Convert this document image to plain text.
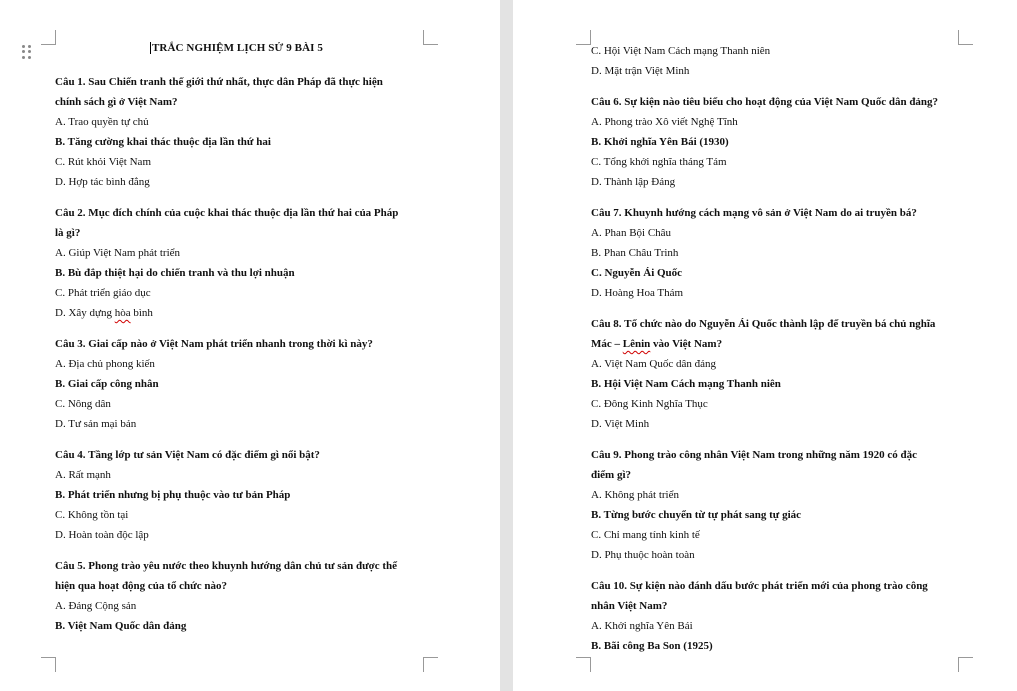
TRẮC NGHIỆM LỊCH SỬ 9 BÀI 5
Câu 1. Sau Chiến tranh thế giới thứ nhất, thực dân Pháp đã thực hiện
chính sách gì ở Việt Nam?
A. Trao quyền tự chủ
B. Tăng cường khai thác thuộc địa lần thứ hai
C. Rút khỏi Việt Nam
D. Hợp tác bình đẳng
Câu 2. Mục đích chính của cuộc khai thác thuộc địa lần thứ hai của Pháp
là gì?
A. Giúp Việt Nam phát triển
B. Bù đắp thiệt hại do chiến tranh và thu lợi nhuận
C. Phát triển giáo dục
D. Xây dựng hòa bình
Câu 3. Giai cấp nào ở Việt Nam phát triển nhanh trong thời kì này?
A. Địa chủ phong kiến
B. Giai cấp công nhân
C. Nông dân
D. Tư sản mại bản
Câu 4. Tầng lớp tư sản Việt Nam có đặc điểm gì nổi bật?
A. Rất mạnh
B. Phát triển nhưng bị phụ thuộc vào tư bản Pháp
C. Không tồn tại
D. Hoàn toàn độc lập
Câu 5. Phong trào yêu nước theo khuynh hướng dân chủ tư sản được thể
hiện qua hoạt động của tổ chức nào?
A. Đảng Cộng sản
B. Việt Nam Quốc dân đảng
C. Hội Việt Nam Cách mạng Thanh niên
D. Mặt trận Việt Minh
Câu 6. Sự kiện nào tiêu biểu cho hoạt động của Việt Nam Quốc dân đảng?
A. Phong trào Xô viết Nghệ Tĩnh
B. Khởi nghĩa Yên Bái (1930)
C. Tổng khởi nghĩa tháng Tám
D. Thành lập Đảng
Câu 7. Khuynh hướng cách mạng vô sản ở Việt Nam do ai truyền bá?
A. Phan Bội Châu
B. Phan Châu Trinh
C. Nguyễn Ái Quốc
D. Hoàng Hoa Thám
Câu 8. Tổ chức nào do Nguyễn Ái Quốc thành lập để truyền bá chủ nghĩa
Mác – Lênin vào Việt Nam?
A. Việt Nam Quốc dân đảng
B. Hội Việt Nam Cách mạng Thanh niên
C. Đông Kinh Nghĩa Thục
D. Việt Minh
Câu 9. Phong trào công nhân Việt Nam trong những năm 1920 có đặc
điểm gì?
A. Không phát triển
B. Từng bước chuyển từ tự phát sang tự giác
C. Chỉ mang tính kinh tế
D. Phụ thuộc hoàn toàn
Câu 10. Sự kiện nào đánh dấu bước phát triển mới của phong trào công
nhân Việt Nam?
A. Khởi nghĩa Yên Bái
B. Bãi công Ba Son (1925)
